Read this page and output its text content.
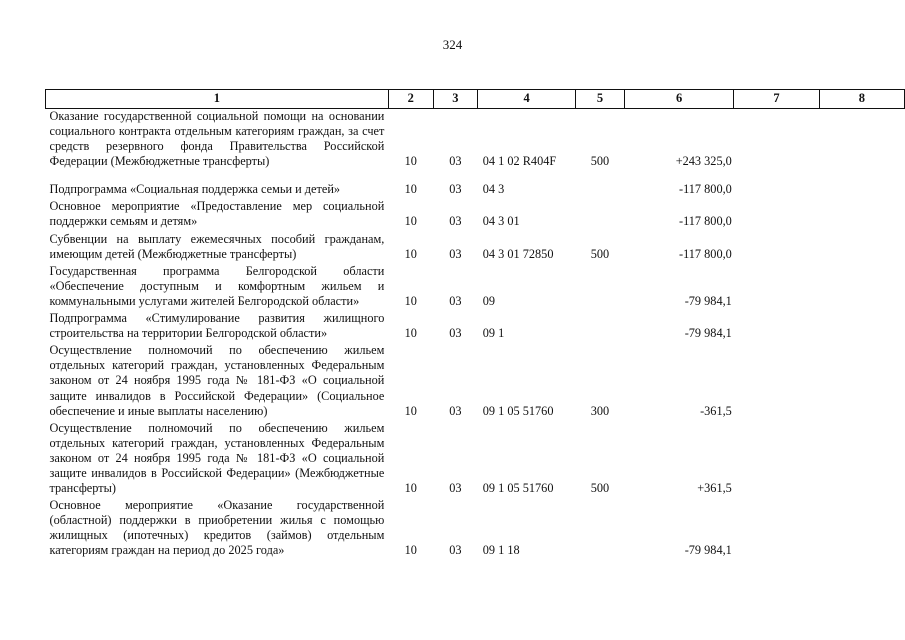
324
1	2	3	4	5	6	7	8
Оказание государственной социальной помощи на основании социального контракта отдельным категориям граждан, за счет средств резервного фонда Правительства Российской Федерации (Межбюджетные трансферты)	10	03	04 1 02 R404F	500	+243 325,0		
Подпрограмма «Социальная поддержка семьи и детей»	10	03	04 3		-117 800,0		
Основное мероприятие «Предоставление мер социальной поддержки семьям и детям»	10	03	04 3 01		-117 800,0		
Субвенции на выплату ежемесячных пособий гражданам, имеющим детей (Межбюджетные трансферты)	10	03	04 3 01 72850	500	-117 800,0		
Государственная программа Белгородской области «Обеспечение доступным и комфортным жильем и коммунальными услугами жителей Белгородской области»	10	03	09		-79 984,1		
Подпрограмма «Стимулирование развития жилищного строительства на территории Белгородской области»	10	03	09 1		-79 984,1		
Осуществление полномочий по обеспечению жильем отдельных категорий граждан, установленных Федеральным законом от 24 ноября 1995 года № 181-ФЗ «О социальной защите инвалидов в Российской Федерации» (Социальное обеспечение и иные выплаты населению)	10	03	09 1 05 51760	300	-361,5		
Осуществление полномочий по обеспечению жильем отдельных категорий граждан, установленных Федеральным законом от 24 ноября 1995 года № 181-ФЗ «О социальной защите инвалидов в Российской Федерации» (Межбюджетные трансферты)	10	03	09 1 05 51760	500	+361,5		
Основное мероприятие «Оказание государственной (областной) поддержки в приобретении жилья с помощью жилищных (ипотечных) кредитов (займов) отдельным категориям граждан на период до 2025 года»	10	03	09 1 18		-79 984,1		
